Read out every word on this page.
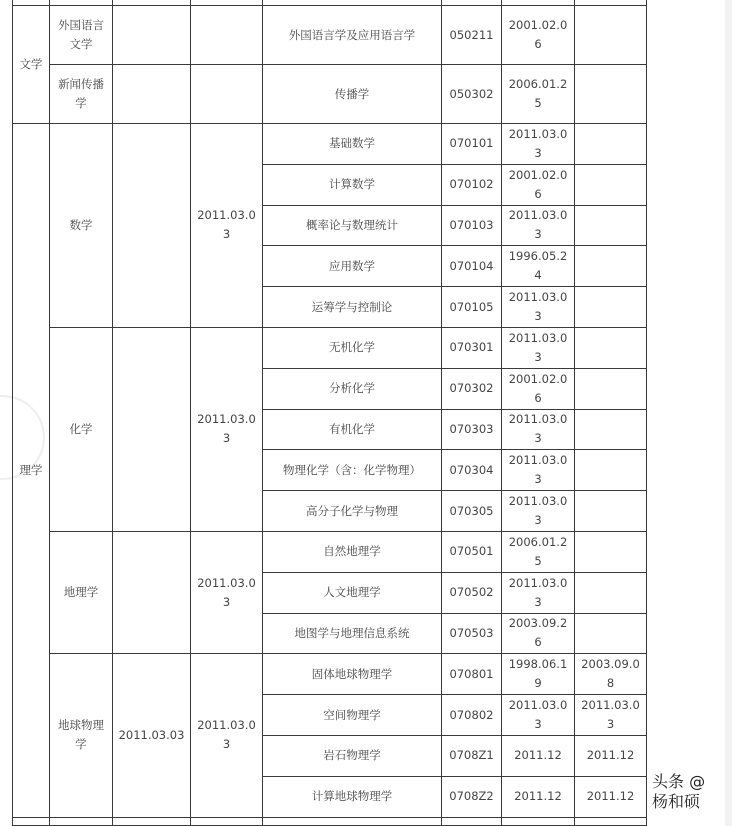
文学	外国语言文学			外国语言学及应用语言学	050211	2001.02.06	
	新闻传播学			传播学	050302	2006.01.25	
理学	数学		2011.03.03	基础数学	070101	2011.03.03	
				计算数学	070102	2001.02.06	
				概率论与数理统计	070103	2011.03.03	
				应用数学	070104	1996.05.24	
				运筹学与控制论	070105	2011.03.03	
	化学		2011.03.03	无机化学	070301	2011.03.03	
				分析化学	070302	2001.02.06	
				有机化学	070303	2011.03.03	
				物理化学（含：化学物理）	070304	2011.03.03	
				高分子化学与物理	070305	2011.03.03	
	地理学		2011.03.03	自然地理学	070501	2006.01.25	
				人文地理学	070502	2011.03.03	
				地图学与地理信息系统	070503	2003.09.26	
	地球物理学	2011.03.03	2011.03.03	固体地球物理学	070801	1998.06.19	2003.09.08
				空间物理学	070802	2011.03.03	2011.03.03
				岩石物理学	0708Z1	2011.12	2011.12
				计算地球物理学	0708Z2	2011.12	2011.12

头条 @杨和硕
